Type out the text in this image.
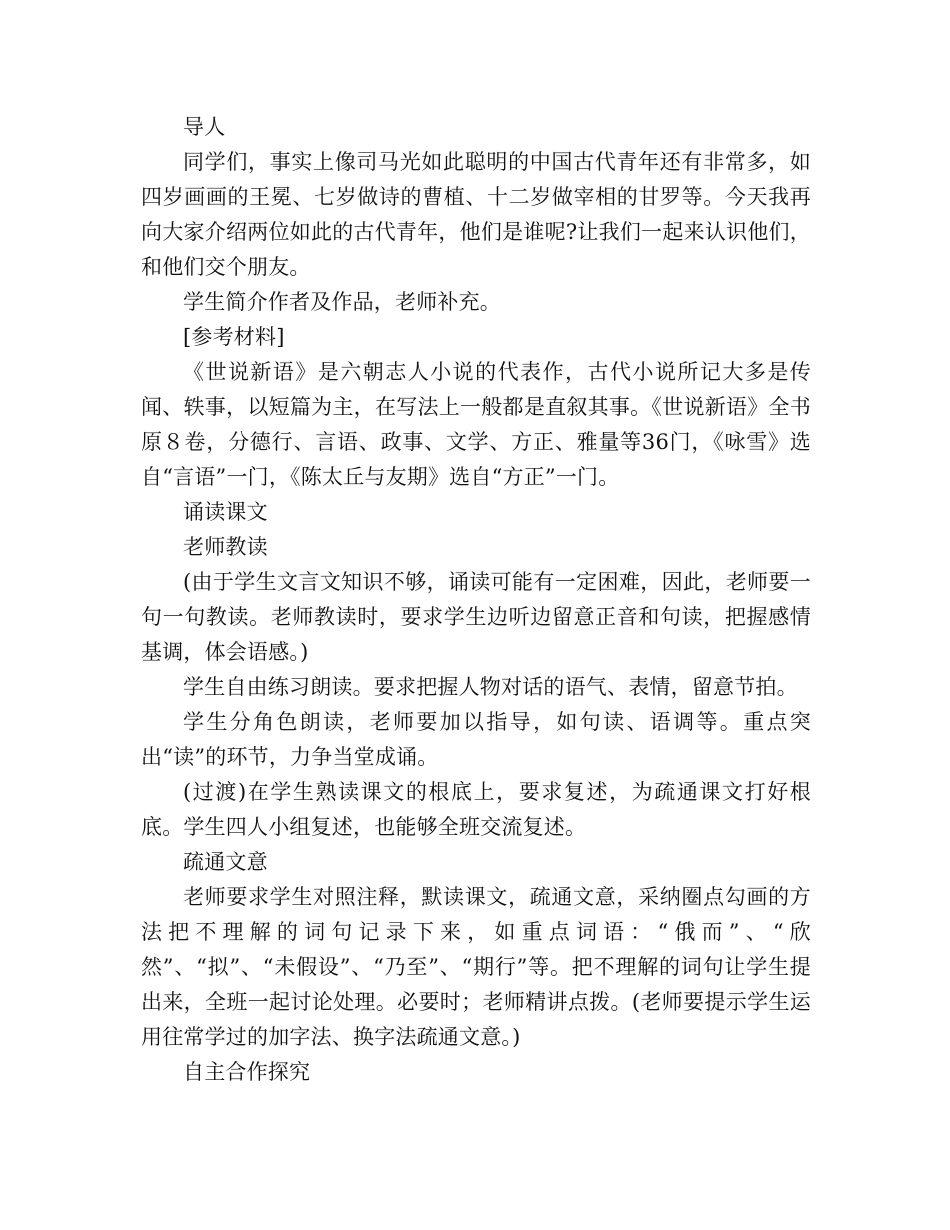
导人

同学们，事实上像司马光如此聪明的中国古代青年还有非常多，如四岁画画的王冕、七岁做诗的曹植、十二岁做宰相的甘罗等。今天我再向大家介绍两位如此的古代青年，他们是谁呢?让我们一起来认识他们，和他们交个朋友。

学生简介作者及作品，老师补充。

[参考材料]

《世说新语》是六朝志人小说的代表作，古代小说所记大多是传闻、轶事，以短篇为主，在写法上一般都是直叙其事。《世说新语》全书原８卷，分德行、言语、政事、文学、方正、雅量等36门，《咏雪》选自“言语”一门，《陈太丘与友期》选自“方正”一门。

诵读课文

老师教读

(由于学生文言文知识不够，诵读可能有一定困难，因此，老师要一句一句教读。老师教读时，要求学生边听边留意正音和句读，把握感情基调，体会语感。)

学生自由练习朗读。要求把握人物对话的语气、表情，留意节拍。

学生分角色朗读，老师要加以指导，如句读、语调等。重点突出“读”的环节，力争当堂成诵。

(过渡)在学生熟读课文的根底上，要求复述，为疏通课文打好根底。学生四人小组复述，也能够全班交流复述。

疏通文意

老师要求学生对照注释，默读课文，疏通文意，采纳圈点勾画的方法把不理解的词句记录下来，如重点词语：“俄而”、“欣然”、“拟”、“未假设”、“乃至”、“期行”等。把不理解的词句让学生提出来，全班一起讨论处理。必要时；老师精讲点拨。(老师要提示学生运用往常学过的加字法、换字法疏通文意。)

自主合作探究
